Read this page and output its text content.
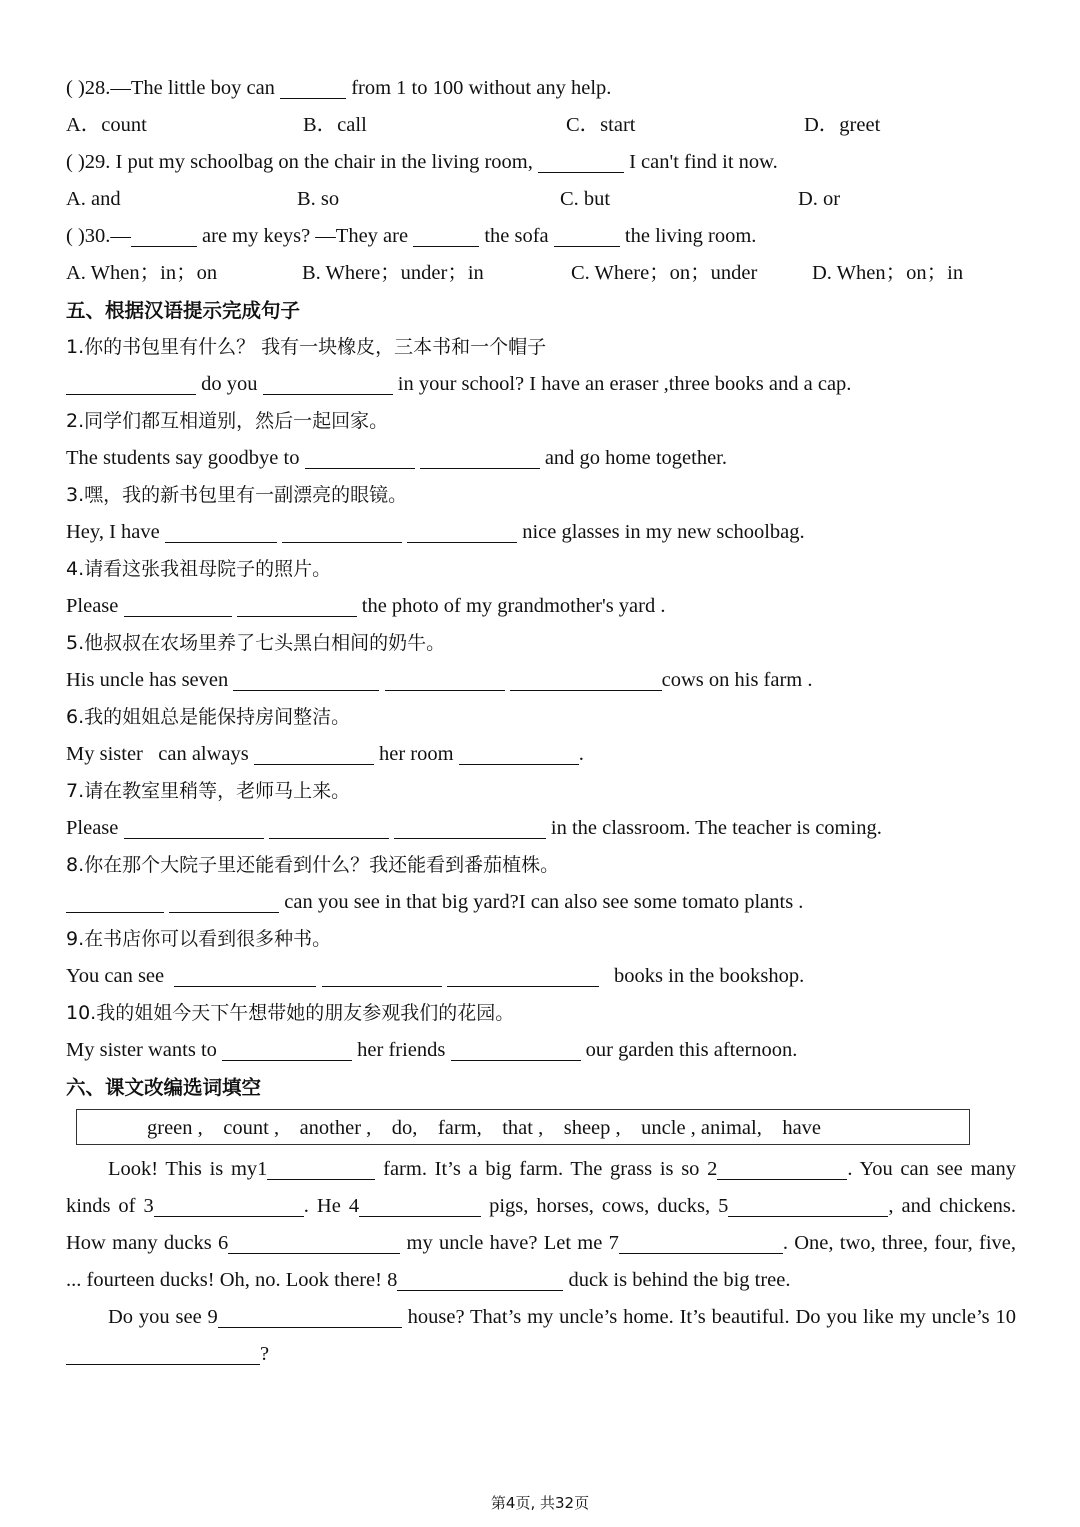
( )28.—The little boy can	from 1 to 100 without any help.
A．count	B．call	C．start	D．greet
( )29. I put my schoolbag on the chair in the living room,	I can't find it now.
A. and	B. so	C. but	D. or
( )30.—	are my keys? —They are	the sofa	the living room.
A. When；in；on	B. Where；under；in	C. Where；on；under	D. When；on；in
五、根据汉语提示完成句子
1.你的书包里有什么？ 我有一块橡皮，三本书和一个帽子
do you	in your school? I have an eraser ,three books and a cap.
2.同学们都互相道别，然后一起回家。
The students say goodbye to	and go home together.
3.嘿，我的新书包里有一副漂亮的眼镜。
Hey, I have	nice glasses in my new schoolbag.
4.请看这张我祖母院子的照片。
Please	the photo of my grandmother's yard .
5.他叔叔在农场里养了七头黑白相间的奶牛。
His uncle has seven	cows on his farm .
6.我的姐姐总是能保持房间整洁。
My sister   can always	her room	.
7.请在教室里稍等，老师马上来。
Please	in the classroom. The teacher is coming.
8.你在那个大院子里还能看到什么？我还能看到番茄植株。
can you see in that big yard?I can also see some tomato plants .
9.在书店你可以看到很多种书。
You can see	books in the bookshop.
10.我的姐姐今天下午想带她的朋友参观我们的花园。
My sister wants to	her friends	our garden this afternoon.
六、课文改编选词填空
green ,    count ,    another ,    do,    farm,    that ,    sheep ,    uncle , animal,    have

Look! This is my1	farm. It’s a big farm. The grass is so 2	. You can see many kinds of 3	. He 4	pigs, horses, cows, ducks, 5	, and chickens. How many ducks 6	my uncle have? Let me 7	. One, two, three, four, five, ... fourteen ducks! Oh, no. Look there! 8	duck is behind the big tree.

Do you see 9	house? That’s my uncle’s home. It’s beautiful. Do you like my uncle’s 10?

第4页, 共32页
